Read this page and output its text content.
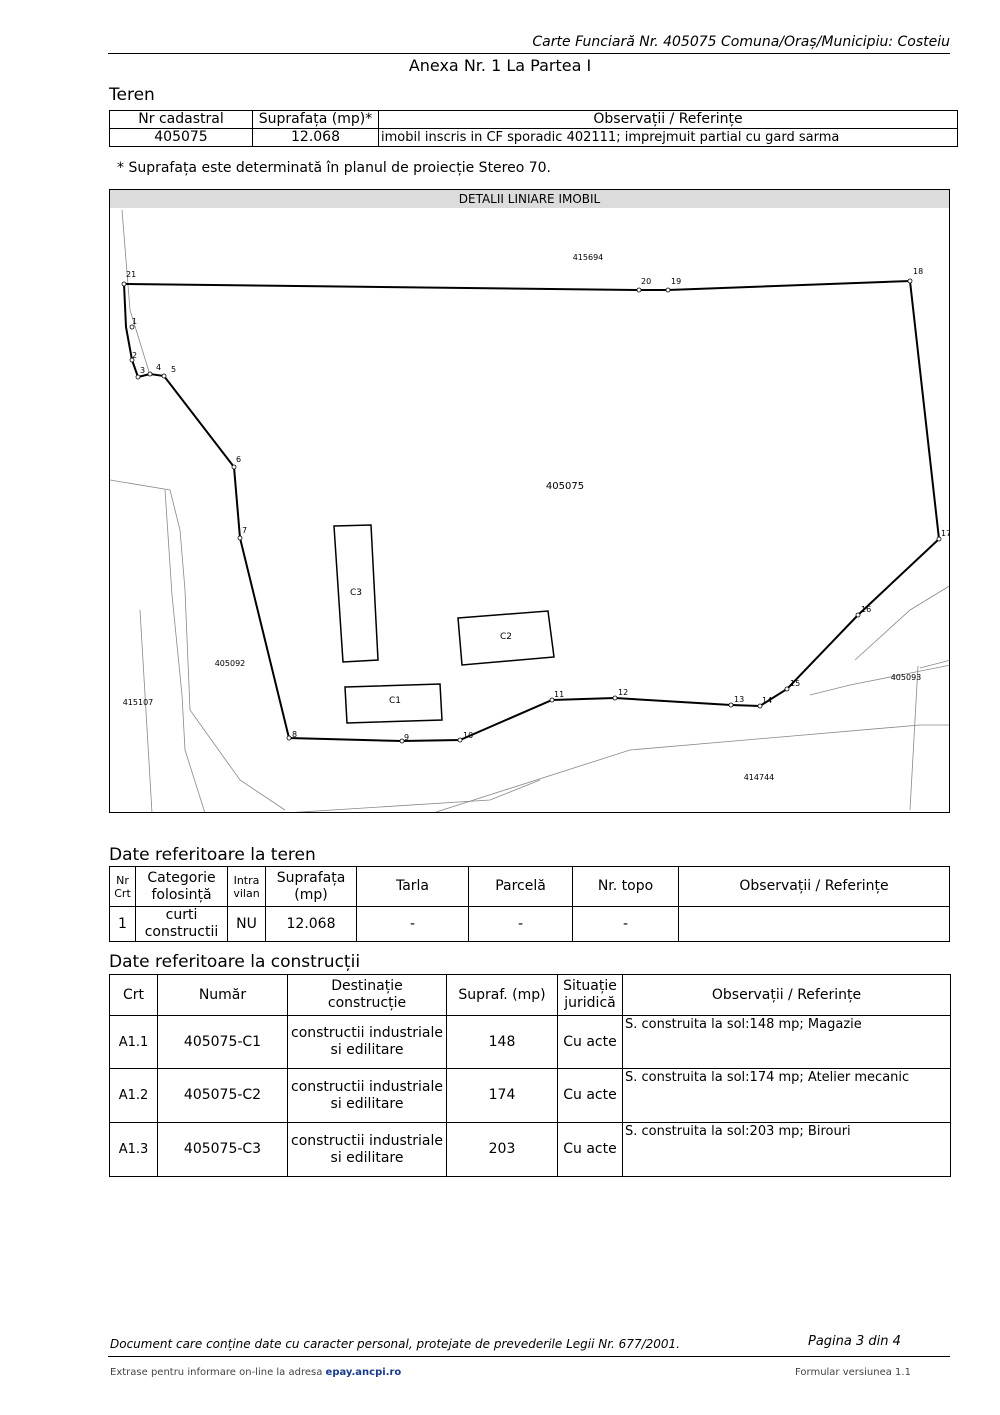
Carte Funciară Nr. 405075 Comuna/Oraș/Municipiu: Costeiu
Anexa Nr. 1 La Partea I
Teren
Nr cadastral	Suprafața (mp)*	Observații / Referințe
405075	12.068	imobil inscris in CF sporadic 402111; imprejmuit partial cu gard sarma
* Suprafața este determinată în planul de proiecție Stereo 70.
DETALII LINIARE IMOBIL
1
2
3 4 5
6
7
8	9	10
11	12
13 14
15
16
17
18
19
20
21
405075
415694
405092
415107
405093
414744
C1
C2
C3
Date referitoare la teren
Nr Crt	Categorie folosință	Intra vilan	Suprafața (mp)	Tarla	Parcelă	Nr. topo	Observații / Referințe
1	curti constructii	NU	12.068	-	-	-	
Date referitoare la construcții
Crt	Număr	Destinație construcție	Supraf. (mp)	Situație juridică	Observații / Referințe
A1.1	405075-C1	constructii industriale si edilitare	148	Cu acte	S. construita la sol:148 mp; Magazie
A1.2	405075-C2	constructii industriale si edilitare	174	Cu acte	S. construita la sol:174 mp; Atelier mecanic
A1.3	405075-C3	constructii industriale si edilitare	203	Cu acte	S. construita la sol:203 mp; Birouri
Document care conține date cu caracter personal, protejate de prevederile Legii Nr. 677/2001.	Pagina 3 din 4
Extrase pentru informare on-line la adresa epay.ancpi.ro	Formular versiunea 1.1
